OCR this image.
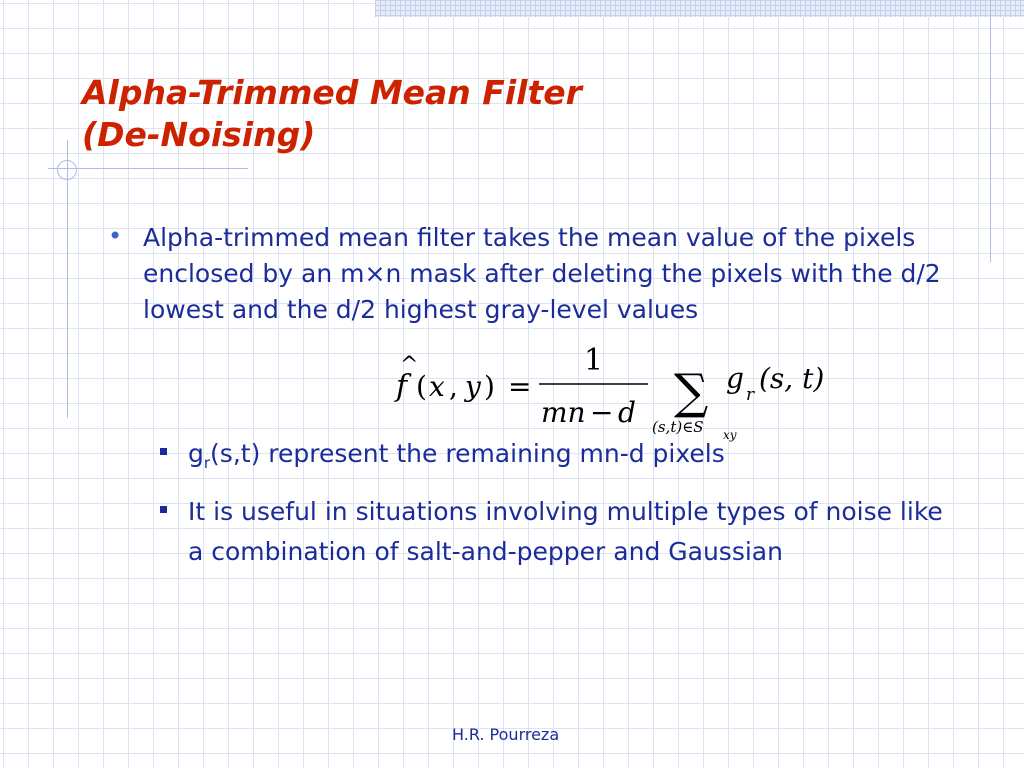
Alpha-Trimmed Mean Filter
(De-Noising)
• Alpha-trimmed mean filter takes the mean value of the pixels enclosed by an m×n mask after deleting the pixels with the d/2 lowest and the d/2 highest gray-level values

^
f ( x , y ) =
1
mn − d ∑
(s,t)∈S xy
g r (s, t)

$g_r(s,t)$ represent the remaining mn-d pixels

It is useful in situations involving multiple types of noise like a combination of salt-and-pepper and Gaussian

H.R. Pourreza
